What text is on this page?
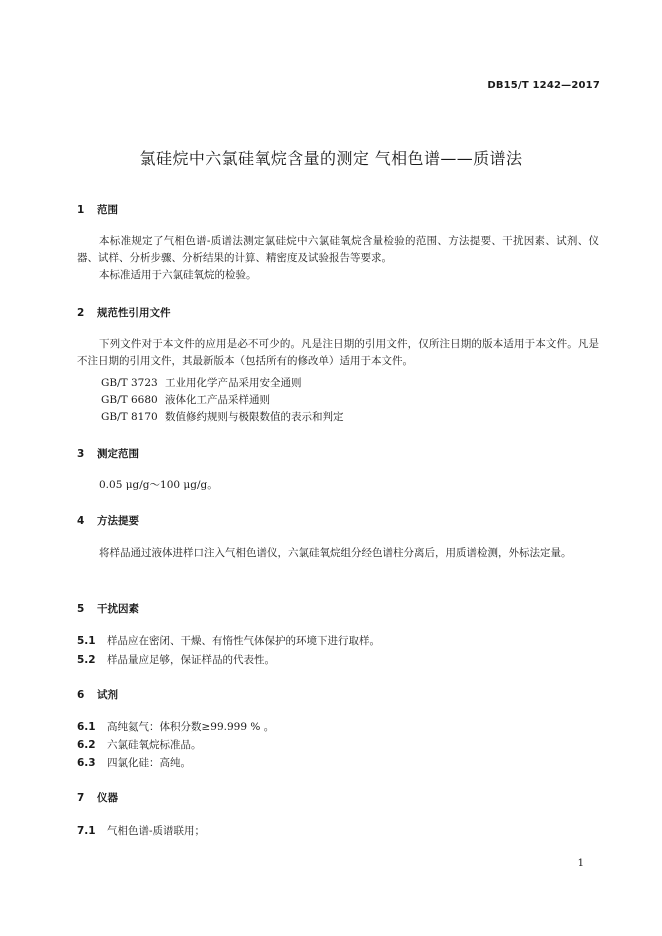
DB15/T 1242—2017
氯硅烷中六氯硅氧烷含量的测定 气相色谱——质谱法
1 范围
本标准规定了气相色谱-质谱法测定氯硅烷中六氯硅氧烷含量检验的范围、方法提要、干扰因素、试剂、仪器、试样、分析步骤、分析结果的计算、精密度及试验报告等要求。
本标准适用于六氯硅氧烷的检验。
2 规范性引用文件
下列文件对于本文件的应用是必不可少的。凡是注日期的引用文件，仅所注日期的版本适用于本文件。凡是不注日期的引用文件，其最新版本（包括所有的修改单）适用于本文件。
GB/T 3723 工业用化学产品采用安全通则
GB/T 6680 液体化工产品采样通则
GB/T 8170 数值修约规则与极限数值的表示和判定
3 测定范围
0.05 μg/g～100 μg/g。
4 方法提要
将样品通过液体进样口注入气相色谱仪，六氯硅氧烷组分经色谱柱分离后，用质谱检测，外标法定量。
5 干扰因素
5.1 样品应在密闭、干燥、有惰性气体保护的环境下进行取样。
5.2 样品量应足够，保证样品的代表性。
6 试剂
6.1 高纯氦气：体积分数≥99.999 % 。
6.2 六氯硅氧烷标准品。
6.3 四氯化硅：高纯。
7 仪器
7.1 气相色谱-质谱联用；
1
